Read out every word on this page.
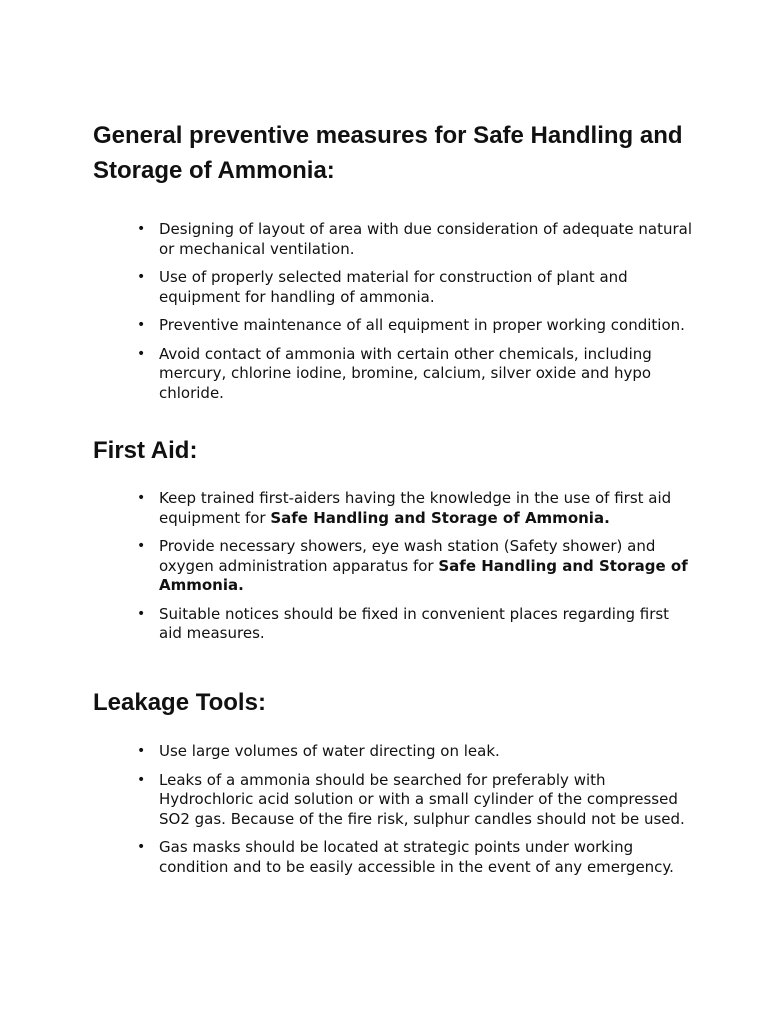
General preventive measures for Safe Handling and Storage of Ammonia:
• Designing of layout of area with due consideration of adequate natural or mechanical ventilation.
• Use of properly selected material for construction of plant and equipment for handling of ammonia.
• Preventive maintenance of all equipment in proper working condition.
• Avoid contact of ammonia with certain other chemicals, including mercury, chlorine iodine, bromine, calcium, silver oxide and hypo chloride.
First Aid:
• Keep trained first-aiders having the knowledge in the use of first aid equipment for Safe Handling and Storage of Ammonia.
• Provide necessary showers, eye wash station (Safety shower) and oxygen administration apparatus for Safe Handling and Storage of Ammonia.
• Suitable notices should be fixed in convenient places regarding first aid measures.
Leakage Tools:
• Use large volumes of water directing on leak.
• Leaks of a ammonia should be searched for preferably with Hydrochloric acid solution or with a small cylinder of the compressed SO2 gas. Because of the fire risk, sulphur candles should not be used.
• Gas masks should be located at strategic points under working condition and to be easily accessible in the event of any emergency.
